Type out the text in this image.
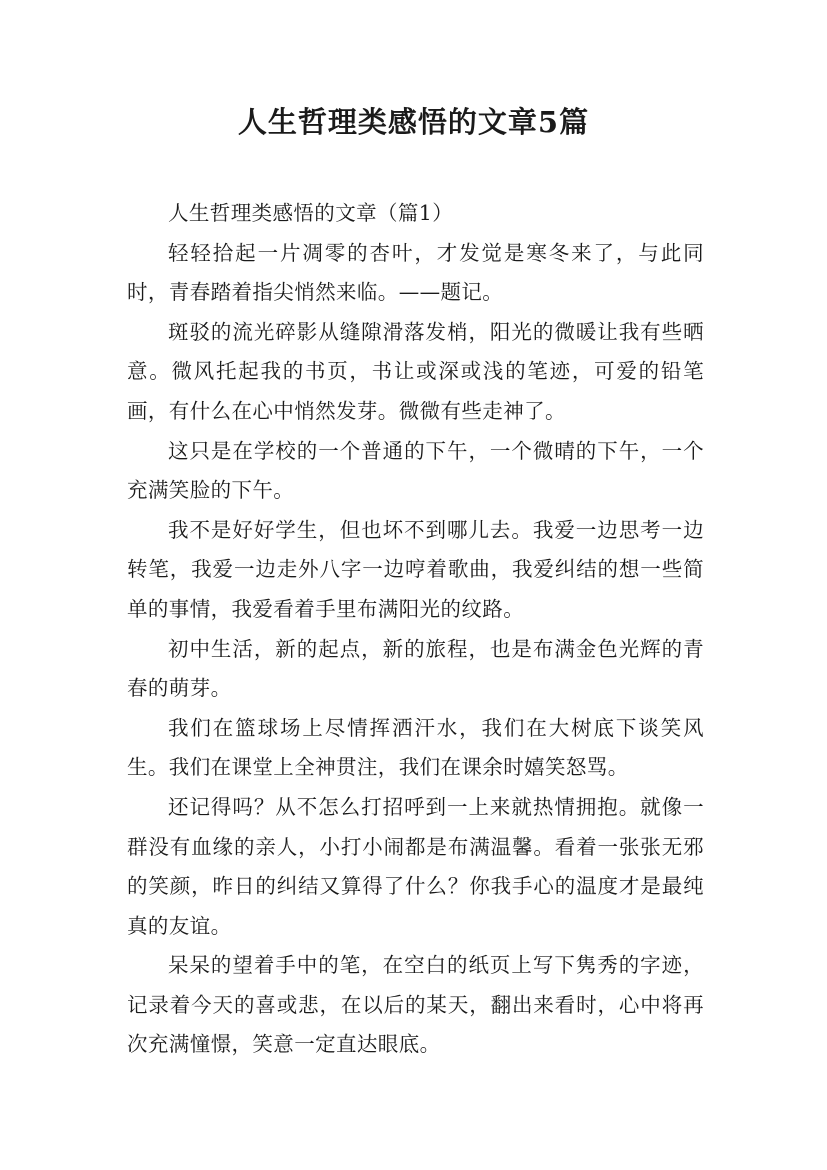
人生哲理类感悟的文章5篇

人生哲理类感悟的文章（篇1）

轻轻拾起一片凋零的杏叶，才发觉是寒冬来了，与此同时，青春踏着指尖悄然来临。——题记。

斑驳的流光碎影从缝隙滑落发梢，阳光的微暖让我有些晒意。微风托起我的书页，书让或深或浅的笔迹，可爱的铅笔画，有什么在心中悄然发芽。微微有些走神了。

这只是在学校的一个普通的下午，一个微晴的下午，一个充满笑脸的下午。

我不是好好学生，但也坏不到哪儿去。我爱一边思考一边转笔，我爱一边走外八字一边哼着歌曲，我爱纠结的想一些简单的事情，我爱看着手里布满阳光的纹路。

初中生活，新的起点，新的旅程，也是布满金色光辉的青春的萌芽。

我们在篮球场上尽情挥洒汗水，我们在大树底下谈笑风生。我们在课堂上全神贯注，我们在课余时嬉笑怒骂。

还记得吗？从不怎么打招呼到一上来就热情拥抱。就像一群没有血缘的亲人，小打小闹都是布满温馨。看着一张张无邪的笑颜，昨日的纠结又算得了什么？你我手心的温度才是最纯真的友谊。

呆呆的望着手中的笔，在空白的纸页上写下隽秀的字迹，记录着今天的喜或悲，在以后的某天，翻出来看时，心中将再次充满憧憬，笑意一定直达眼底。
